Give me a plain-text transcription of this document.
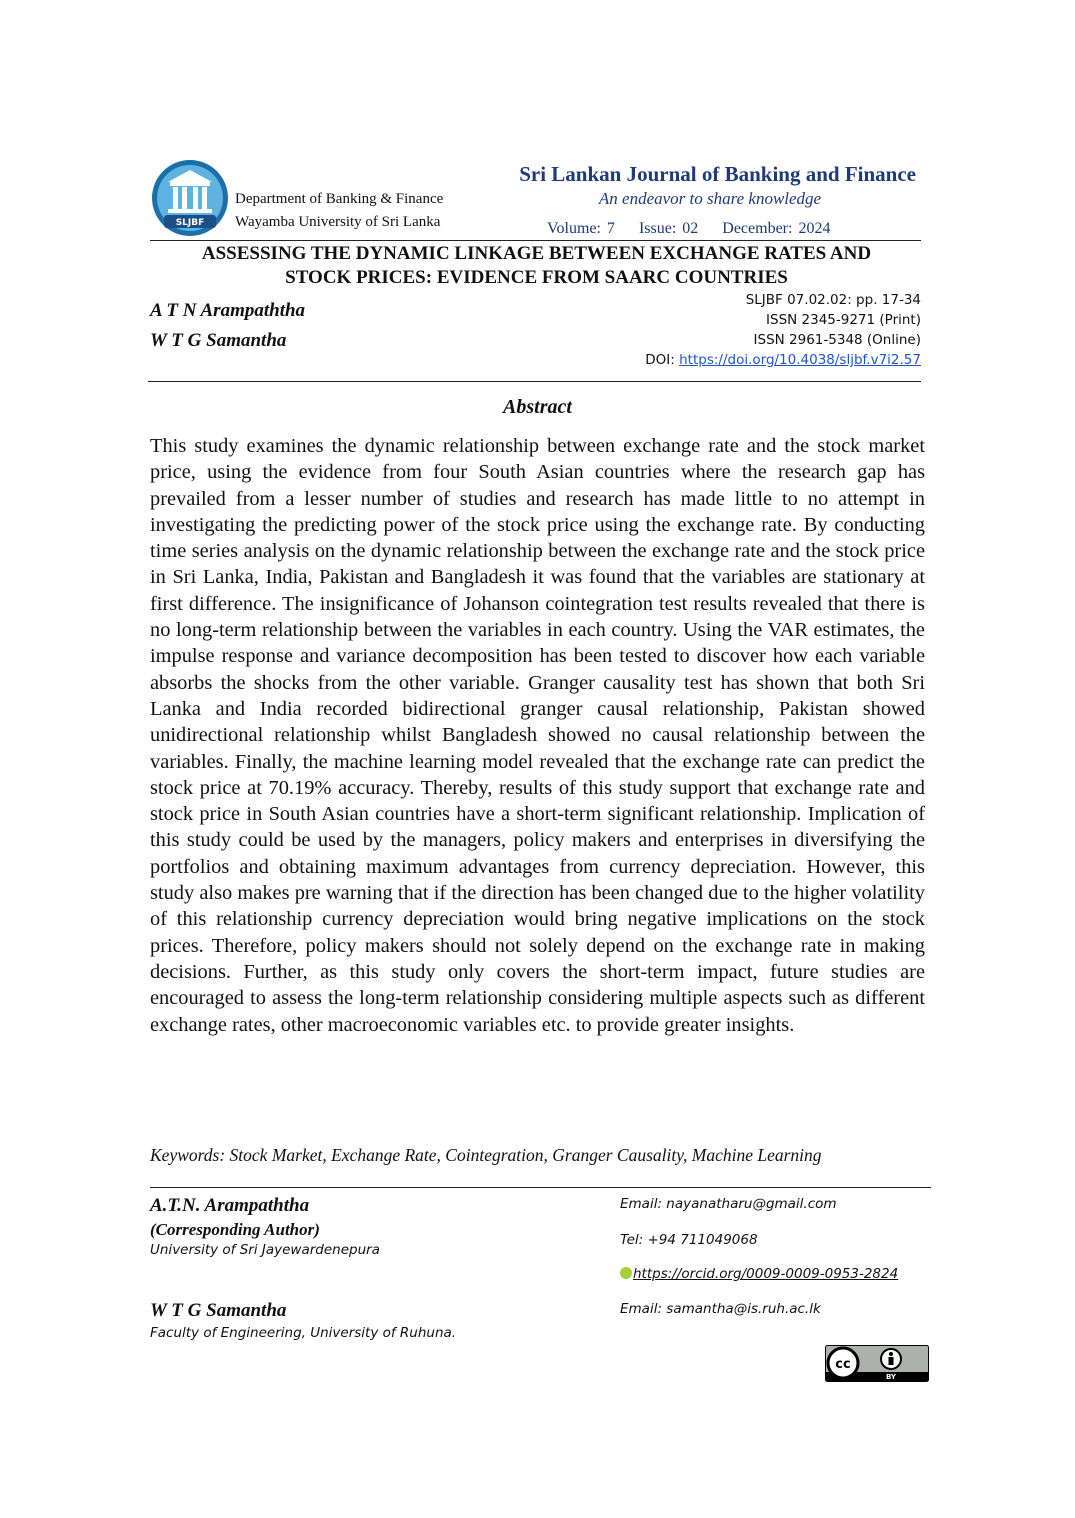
SLJBF
Department of Banking & Finance
Wayamba University of Sri Lanka
Sri Lankan Journal of Banking and Finance
An endeavor to share knowledge
Volume: 7 Issue: 02 December: 2024
ASSESSING THE DYNAMIC LINKAGE BETWEEN EXCHANGE RATES AND
STOCK PRICES: EVIDENCE FROM SAARC COUNTRIES
A T N Arampaththa
W T G Samantha
SLJBF 07.02.02: pp. 17-34
ISSN 2345-9271 (Print)
ISSN 2961-5348 (Online)
DOI: https://doi.org/10.4038/sljbf.v7i2.57
Abstract
This study examines the dynamic relationship between exchange rate and the stock market price, using the evidence from four South Asian countries where the research gap has prevailed from a lesser number of studies and research has made little to no attempt in investigating the predicting power of the stock price using the exchange rate. By conducting time series analysis on the dynamic relationship between the exchange rate and the stock price in Sri Lanka, India, Pakistan and Bangladesh it was found that the variables are stationary at first difference. The insignificance of Johanson cointegration test results revealed that there is no long-term relationship between the variables in each country. Using the VAR estimates, the impulse response and variance decomposition has been tested to discover how each variable absorbs the shocks from the other variable. Granger causality test has shown that both Sri Lanka and India recorded bidirectional granger causal relationship, Pakistan showed unidirectional relationship whilst Bangladesh showed no causal relationship between the variables. Finally, the machine learning model revealed that the exchange rate can predict the stock price at 70.19% accuracy. Thereby, results of this study support that exchange rate and stock price in South Asian countries have a short-term significant relationship. Implication of this study could be used by the managers, policy makers and enterprises in diversifying the portfolios and obtaining maximum advantages from currency depreciation. However, this study also makes pre warning that if the direction has been changed due to the higher volatility of this relationship currency depreciation would bring negative implications on the stock prices. Therefore, policy makers should not solely depend on the exchange rate in making decisions. Further, as this study only covers the short-term impact, future studies are encouraged to assess the long-term relationship considering multiple aspects such as different exchange rates, other macroeconomic variables etc. to provide greater insights.
Keywords: Stock Market, Exchange Rate, Cointegration, Granger Causality, Machine Learning
A.T.N. Arampaththa
(Corresponding Author)
University of Sri Jayewardenepura
W T G Samantha
Faculty of Engineering, University of Ruhuna.
Email: nayanatharu@gmail.com
Tel: +94 711049068
https://orcid.org/0009-0009-0953-2824
Email: samantha@is.ruh.ac.lk
cc
BY
